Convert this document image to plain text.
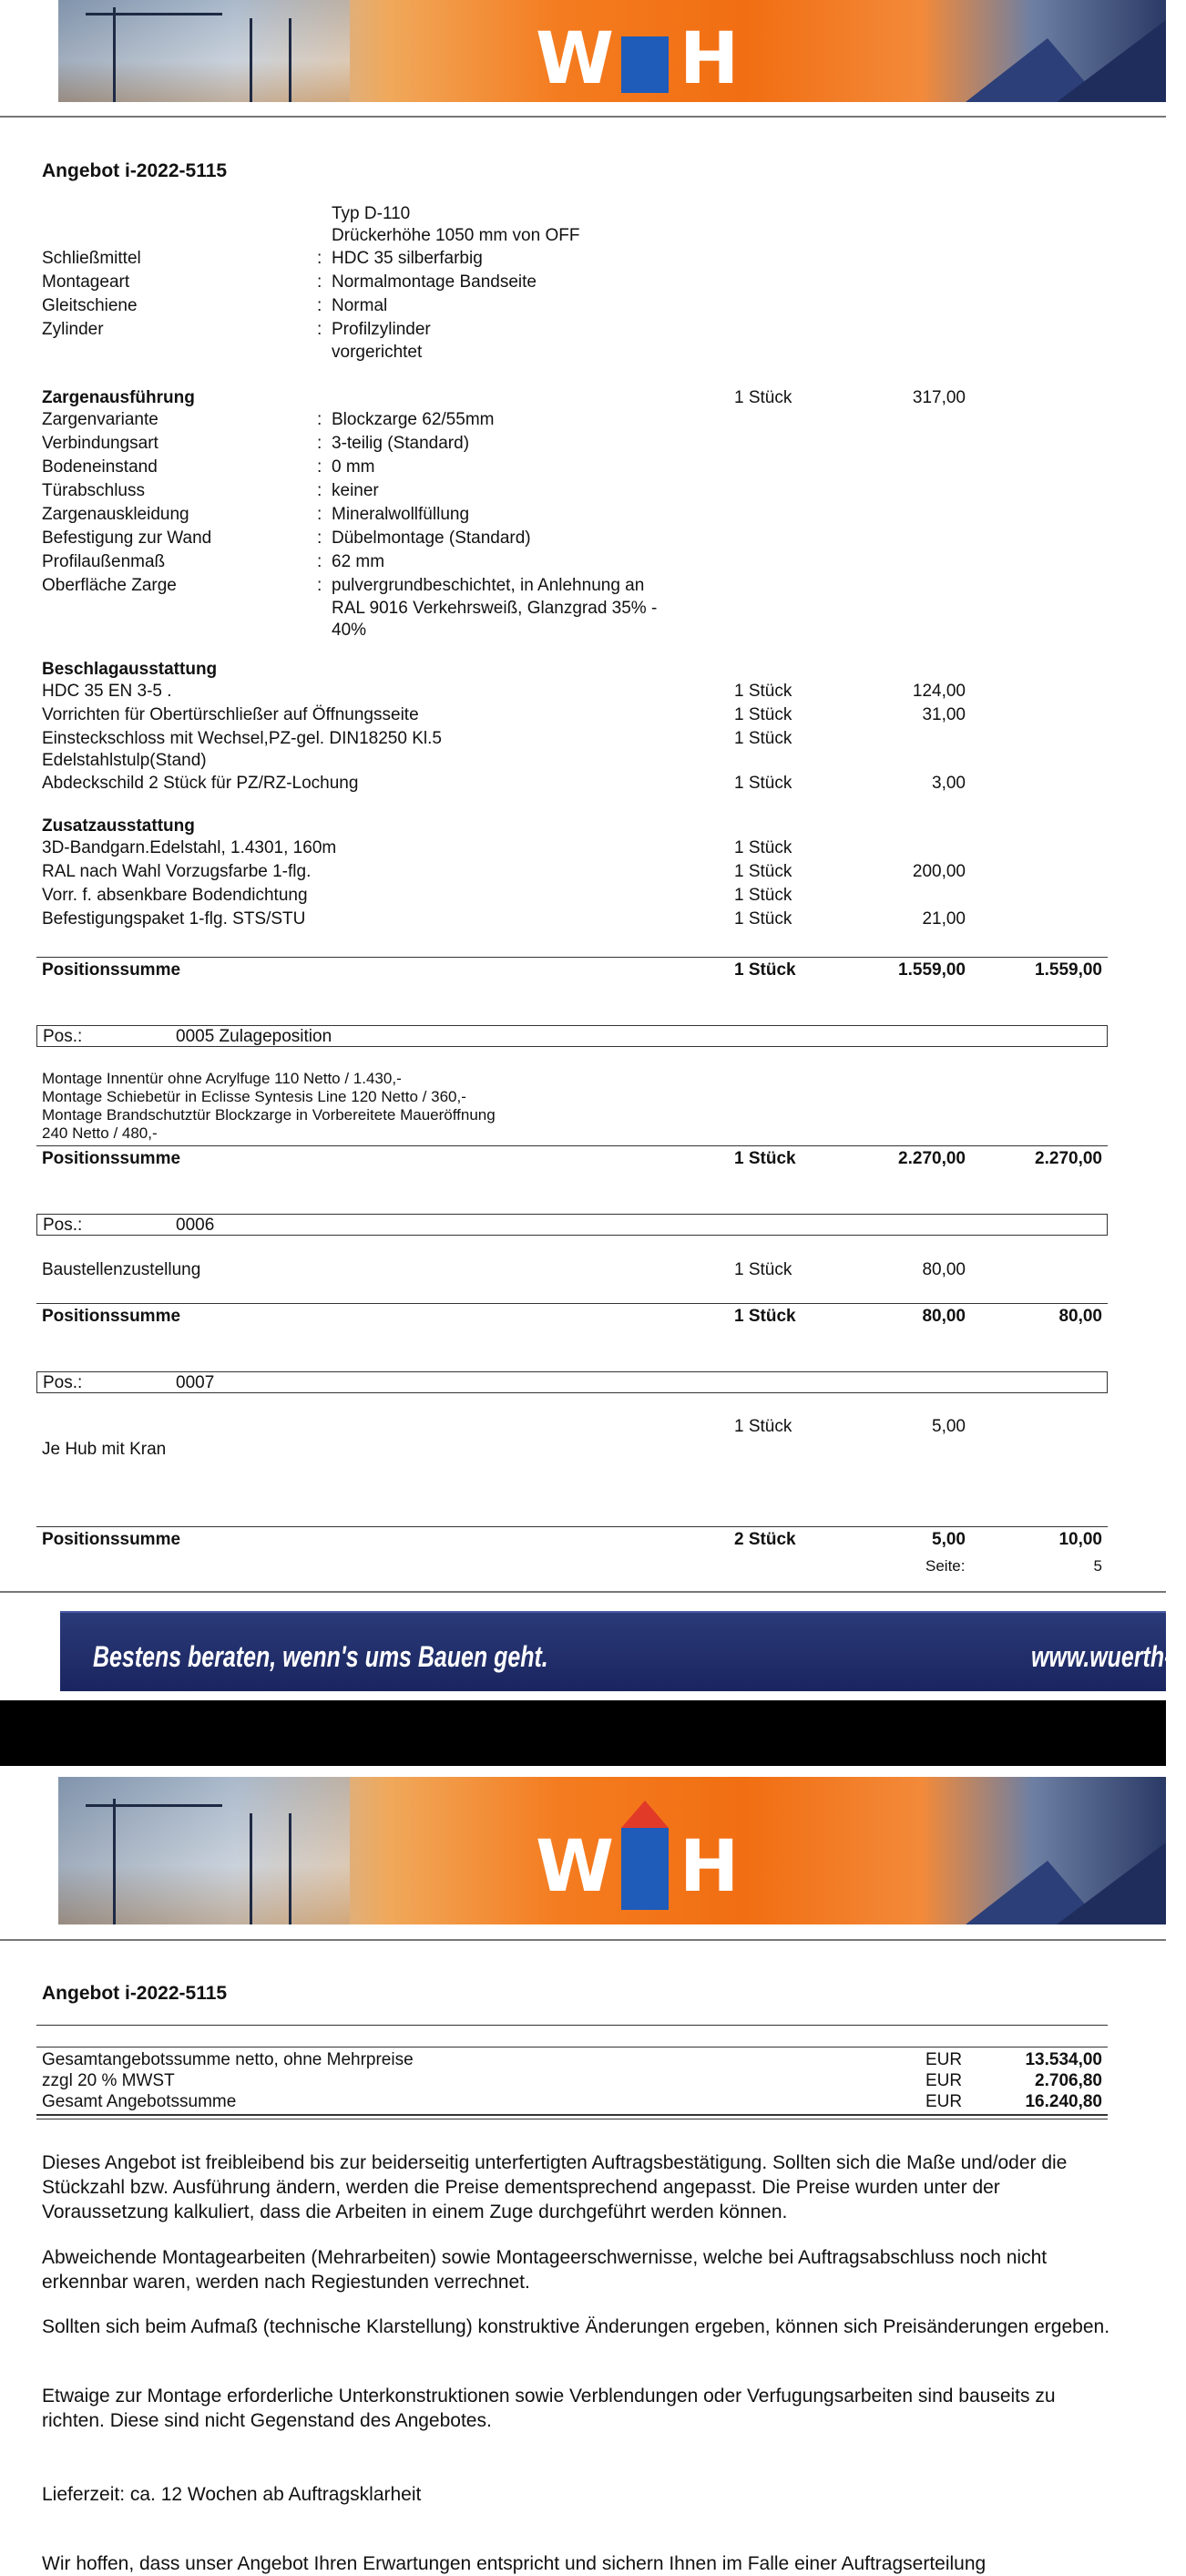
W H
Angebot i-2022-5115
Typ D-110
Drückerhöhe 1050 mm von OFF
Schließmittel	: HDC 35 silberfarbig
Montageart	: Normalmontage Bandseite
Gleitschiene	: Normal
Zylinder	: Profilzylinder
vorgerichtet
Zargenausführung	1 Stück	317,00
Zargenvariante	: Blockzarge 62/55mm
Verbindungsart	: 3-teilig (Standard)
Bodeneinstand	: 0 mm
Türabschluss	: keiner
Zargenauskleidung	: Mineralwollfüllung
Befestigung zur Wand	: Dübelmontage (Standard)
Profilaußenmaß	: 62 mm
Oberfläche Zarge	: pulvergrundbeschichtet, in Anlehnung an
RAL 9016 Verkehrsweiß, Glanzgrad 35% -
40%
Beschlagausstattung
HDC 35 EN 3-5 .	1 Stück	124,00
Vorrichten für Obertürschließer auf Öffnungsseite	1 Stück	31,00
Einsteckschloss mit Wechsel,PZ-gel. DIN18250 Kl.5	1 Stück
Edelstahlstulp(Stand)
Abdeckschild 2 Stück für PZ/RZ-Lochung	1 Stück	3,00
Zusatzausstattung
3D-Bandgarn.Edelstahl, 1.4301, 160m	1 Stück
RAL nach Wahl Vorzugsfarbe 1-flg.	1 Stück	200,00
Vorr. f. absenkbare Bodendichtung	1 Stück
Befestigungspaket 1-flg. STS/STU	1 Stück	21,00
Positionssumme	1 Stück	1.559,00	1.559,00
Pos.:	0005 Zulageposition
Montage Innentür ohne Acrylfuge 110 Netto / 1.430,-
Montage Schiebetür in Eclisse Syntesis Line 120 Netto / 360,-
Montage Brandschutztür Blockzarge in Vorbereitete Maueröffnung
240 Netto / 480,-
Positionssumme	1 Stück	2.270,00	2.270,00
Pos.:	0006
Baustellenzustellung	1 Stück	80,00
Positionssumme	1 Stück	80,00	80,00
Pos.:	0007
1 Stück	5,00
Je Hub mit Kran
Positionssumme	2 Stück	5,00	10,00
Seite:	5
Bestens beraten, wenn's ums Bauen geht.	www.wuerth-h
W H
Angebot i-2022-5115
Gesamtangebotssumme netto, ohne Mehrpreise	EUR	13.534,00
zzgl 20 % MWST	EUR	2.706,80
Gesamt Angebotssumme	EUR	16.240,80
Dieses Angebot ist freibleibend bis zur beiderseitig unterfertigten Auftragsbestätigung. Sollten sich die Maße und/oder die Stückzahl bzw. Ausführung ändern, werden die Preise dementsprechend angepasst. Die Preise wurden unter der Voraussetzung kalkuliert, dass die Arbeiten in einem Zuge durchgeführt werden können.
Abweichende Montagearbeiten (Mehrarbeiten) sowie Montageerschwernisse, welche bei Auftragsabschluss noch nicht erkennbar waren, werden nach Regiestunden verrechnet.
Sollten sich beim Aufmaß (technische Klarstellung) konstruktive Änderungen ergeben, können sich Preisänderungen ergeben.
Etwaige zur Montage erforderliche Unterkonstruktionen sowie Verblendungen oder Verfugungsarbeiten sind bauseits zu richten. Diese sind nicht Gegenstand des Angebotes.
Lieferzeit: ca. 12 Wochen ab Auftragsklarheit
Wir hoffen, dass unser Angebot Ihren Erwartungen entspricht und sichern Ihnen im Falle einer Auftragserteilung
